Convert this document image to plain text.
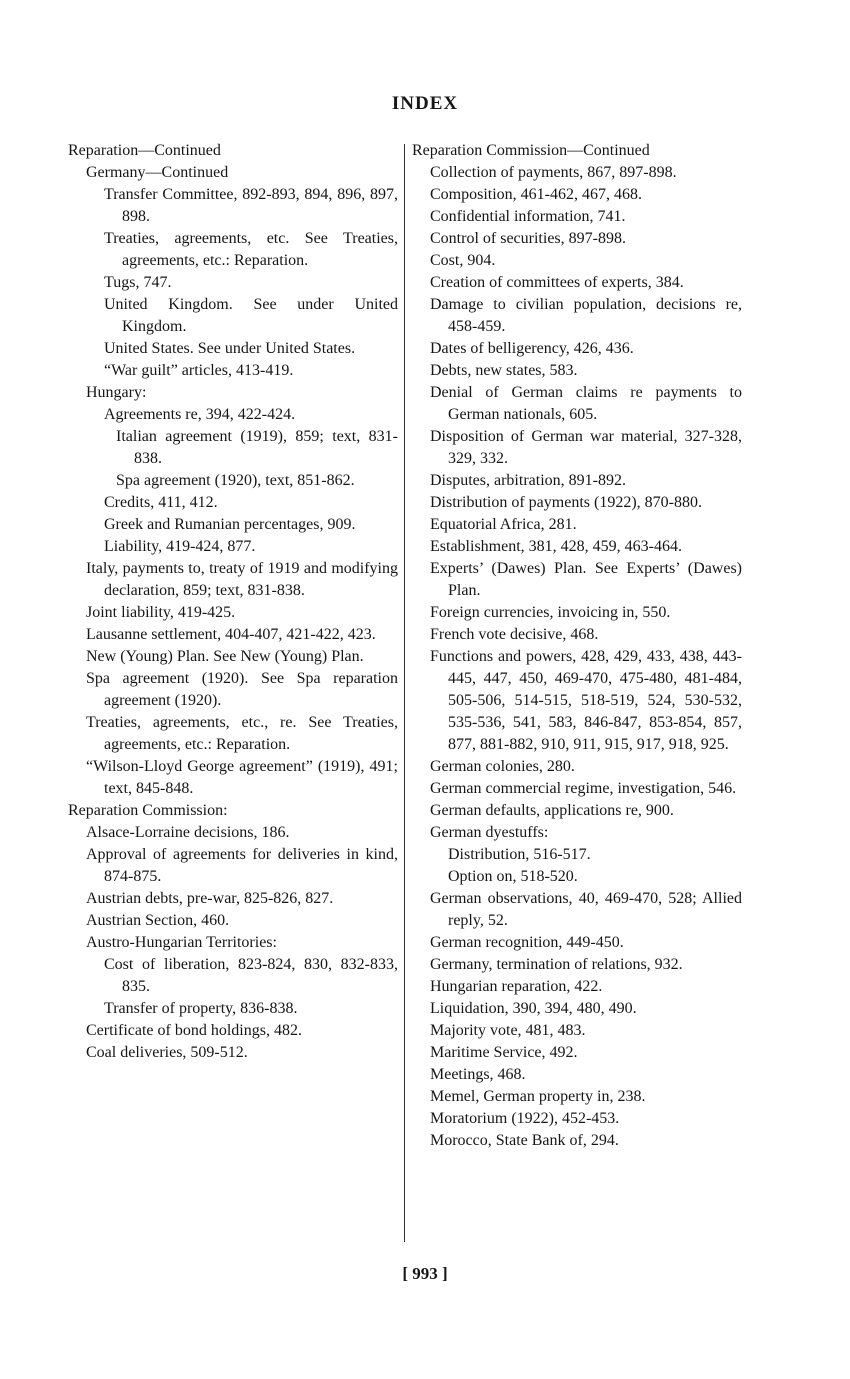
INDEX
Reparation—Continued
Germany—Continued
Transfer Committee, 892-893, 894, 896, 897, 898.
Treaties, agreements, etc. See Treaties, agreements, etc.: Reparation.
Tugs, 747.
United Kingdom. See under United Kingdom.
United States. See under United States.
“War guilt” articles, 413-419.
Hungary:
Agreements re, 394, 422-424.
Italian agreement (1919), 859; text, 831-838.
Spa agreement (1920), text, 851-862.
Credits, 411, 412.
Greek and Rumanian percentages, 909.
Liability, 419-424, 877.
Italy, payments to, treaty of 1919 and modifying declaration, 859; text, 831-838.
Joint liability, 419-425.
Lausanne settlement, 404-407, 421-422, 423.
New (Young) Plan. See New (Young) Plan.
Spa agreement (1920). See Spa reparation agreement (1920).
Treaties, agreements, etc., re. See Treaties, agreements, etc.: Reparation.
“Wilson-Lloyd George agreement” (1919), 491; text, 845-848.
Reparation Commission:
Alsace-Lorraine decisions, 186.
Approval of agreements for deliveries in kind, 874-875.
Austrian debts, pre-war, 825-826, 827.
Austrian Section, 460.
Austro-Hungarian Territories:
Cost of liberation, 823-824, 830, 832-833, 835.
Transfer of property, 836-838.
Certificate of bond holdings, 482.
Coal deliveries, 509-512.
Reparation Commission—Continued
Collection of payments, 867, 897-898.
Composition, 461-462, 467, 468.
Confidential information, 741.
Control of securities, 897-898.
Cost, 904.
Creation of committees of experts, 384.
Damage to civilian population, decisions re, 458-459.
Dates of belligerency, 426, 436.
Debts, new states, 583.
Denial of German claims re payments to German nationals, 605.
Disposition of German war material, 327-328, 329, 332.
Disputes, arbitration, 891-892.
Distribution of payments (1922), 870-880.
Equatorial Africa, 281.
Establishment, 381, 428, 459, 463-464.
Experts’ (Dawes) Plan. See Experts’ (Dawes) Plan.
Foreign currencies, invoicing in, 550.
French vote decisive, 468.
Functions and powers, 428, 429, 433, 438, 443-445, 447, 450, 469-470, 475-480, 481-484, 505-506, 514-515, 518-519, 524, 530-532, 535-536, 541, 583, 846-847, 853-854, 857, 877, 881-882, 910, 911, 915, 917, 918, 925.
German colonies, 280.
German commercial regime, investigation, 546.
German defaults, applications re, 900.
German dyestuffs:
Distribution, 516-517.
Option on, 518-520.
German observations, 40, 469-470, 528; Allied reply, 52.
German recognition, 449-450.
Germany, termination of relations, 932.
Hungarian reparation, 422.
Liquidation, 390, 394, 480, 490.
Majority vote, 481, 483.
Maritime Service, 492.
Meetings, 468.
Memel, German property in, 238.
Moratorium (1922), 452-453.
Morocco, State Bank of, 294.
[ 993 ]
